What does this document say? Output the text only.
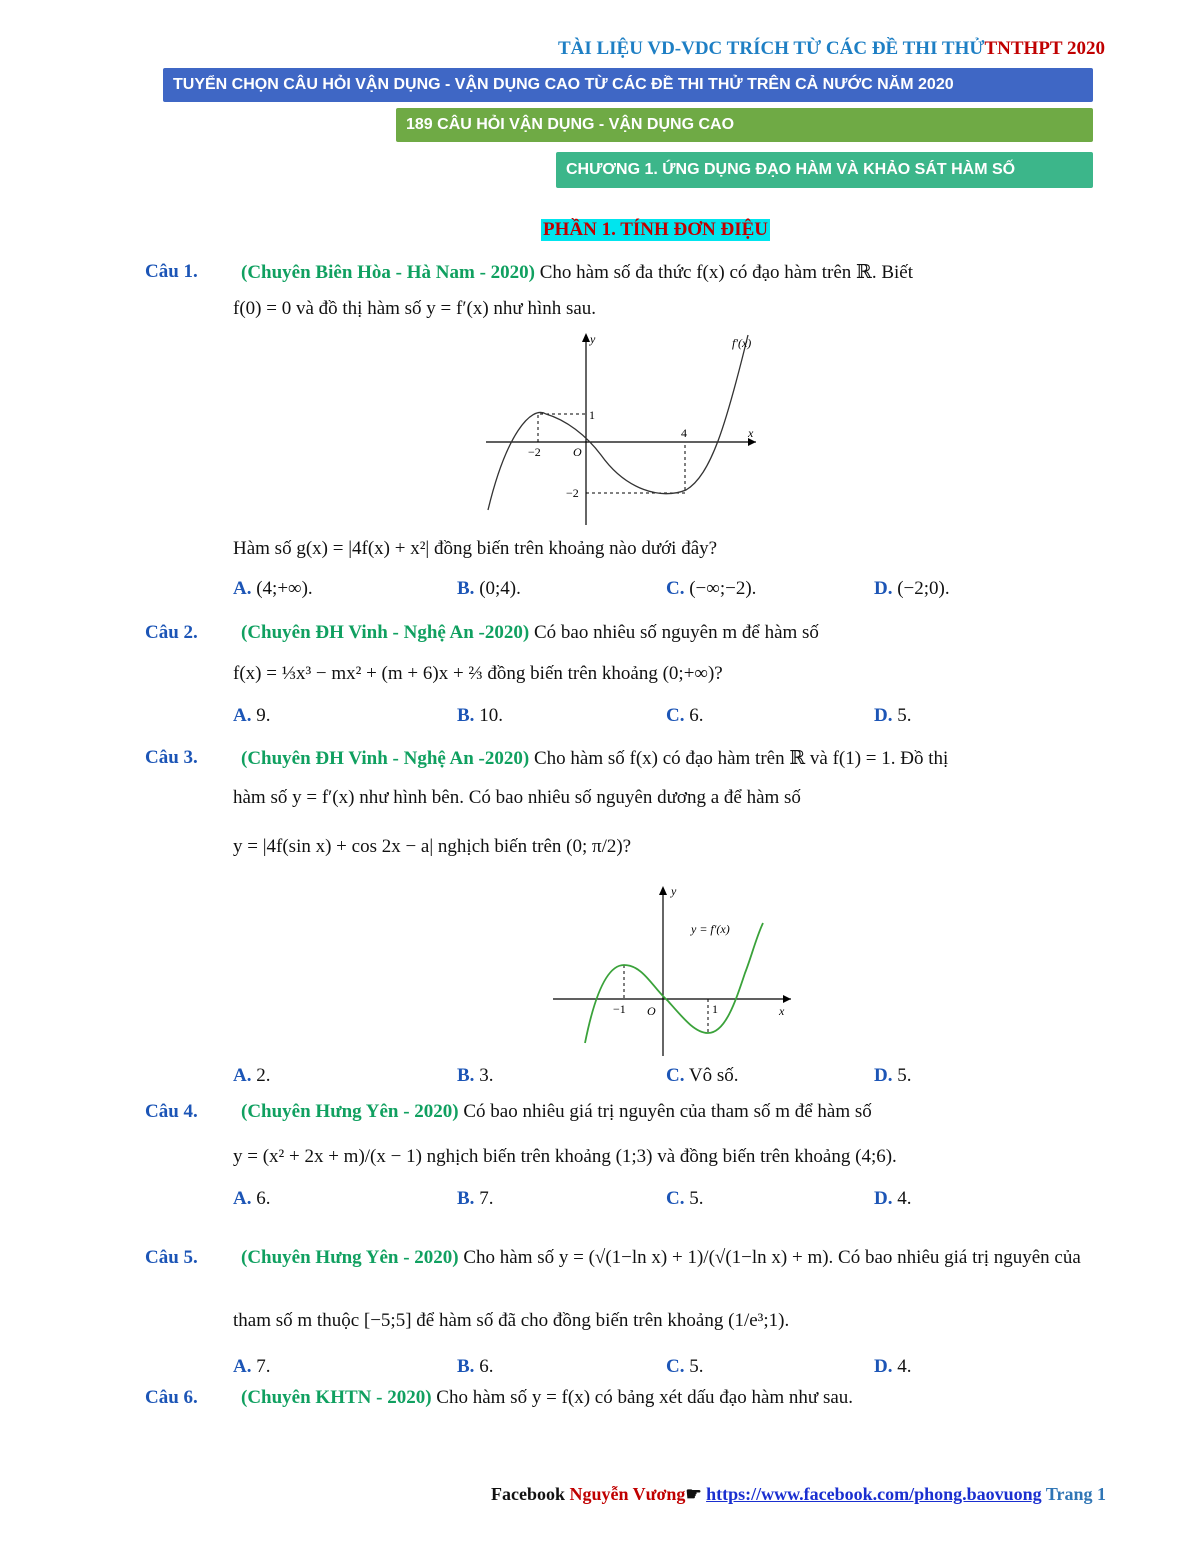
TÀI LIỆU VD-VDC TRÍCH TỪ CÁC ĐỀ THI THỬTNTHPT 2020
TUYỂN CHỌN CÂU HỎI VẬN DỤNG - VẬN DỤNG CAO TỪ CÁC ĐỀ THI THỬ TRÊN CẢ NƯỚC NĂM 2020
189 CÂU HỎI VẬN DỤNG - VẬN DỤNG CAO
CHƯƠNG 1. ỨNG DỤNG ĐẠO HÀM VÀ KHẢO SÁT HÀM SỐ
PHẦN 1. TÍNH ĐƠN ĐIỆU
Câu 1. (Chuyên Biên Hòa - Hà Nam - 2020) Cho hàm số đa thức f(x) có đạo hàm trên ℝ. Biết
f(0) = 0 và đồ thị hàm số y = f′(x) như hình sau.
f′(x)
y
x
O
−2
4
1
−2
Hàm số g(x) = |4f(x) + x²| đồng biến trên khoảng nào dưới đây?
A. (4;+∞).	B. (0;4).	C. (−∞;−2).	D. (−2;0).
Câu 2. (Chuyên ĐH Vinh - Nghệ An -2020) Có bao nhiêu số nguyên m để hàm số
f(x) = ⅓x³ − mx² + (m + 6)x + ⅔ đồng biến trên khoảng (0;+∞)?
A. 9.	B. 10.	C. 6.	D. 5.
Câu 3. (Chuyên ĐH Vinh - Nghệ An -2020) Cho hàm số f(x) có đạo hàm trên ℝ và f(1) = 1. Đồ thị
hàm số y = f′(x) như hình bên. Có bao nhiêu số nguyên dương a để hàm số
y = |4f(sin x) + cos 2x − a| nghịch biến trên (0; π/2)?
y = f′(x)
y
x
O
−1	1
A. 2.	B. 3.	C. Vô số.	D. 5.
Câu 4. (Chuyên Hưng Yên - 2020) Có bao nhiêu giá trị nguyên của tham số m để hàm số
y = (x² + 2x + m)/(x − 1) nghịch biến trên khoảng (1;3) và đồng biến trên khoảng (4;6).
A. 6.	B. 7.	C. 5.	D. 4.
Câu 5. (Chuyên Hưng Yên - 2020) Cho hàm số y = (√(1−ln x) + 1)/(√(1−ln x) + m). Có bao nhiêu giá trị nguyên của
tham số m thuộc [−5;5] để hàm số đã cho đồng biến trên khoảng (1/e³;1).
A. 7.	B. 6.	C. 5.	D. 4.
Câu 6. (Chuyên KHTN - 2020) Cho hàm số y = f(x) có bảng xét dấu đạo hàm như sau.
Facebook Nguyễn Vương☛ https://www.facebook.com/phong.baovuong Trang 1
